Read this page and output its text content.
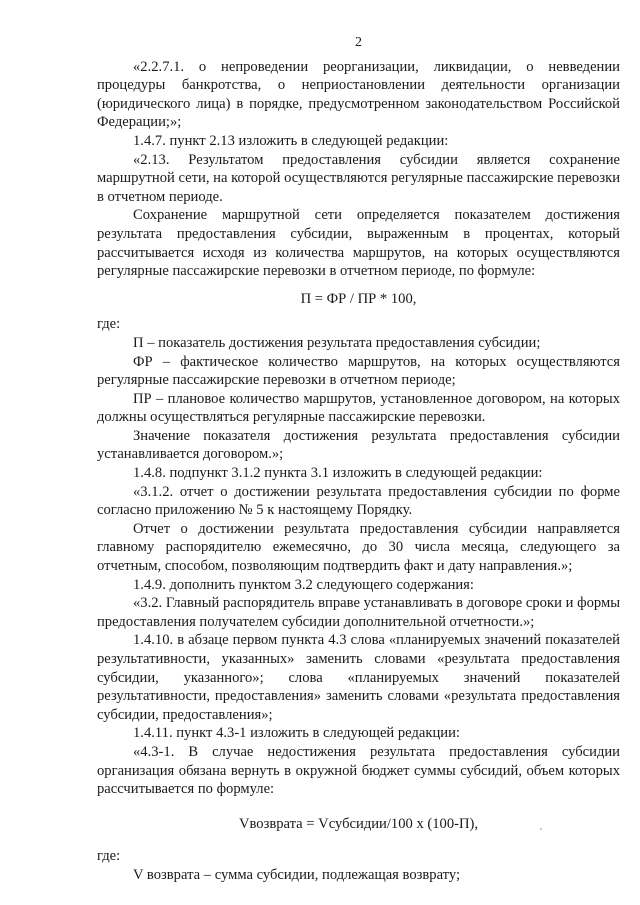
2

«2.2.7.1. о непроведении реорганизации, ликвидации, о невведении процедуры банкротства, о неприостановлении деятельности организации (юридического лица) в порядке, предусмотренном законодательством Российской Федерации;»;

1.4.7. пункт 2.13 изложить в следующей редакции:

«2.13. Результатом предоставления субсидии является сохранение маршрутной сети, на которой осуществляются регулярные пассажирские перевозки в отчетном периоде.

Сохранение маршрутной сети определяется показателем достижения результата предоставления субсидии, выраженным в процентах, который рассчитывается исходя из количества маршрутов, на которых осуществляются регулярные пассажирские перевозки в отчетном периоде, по формуле:

П = ФР / ПР * 100,

где:

П – показатель достижения результата предоставления субсидии;

ФР – фактическое количество маршрутов, на которых осуществляются регулярные пассажирские перевозки в отчетном периоде;

ПР – плановое количество маршрутов, установленное договором, на которых должны осуществляться регулярные пассажирские перевозки.

Значение показателя достижения результата предоставления субсидии устанавливается договором.»;

1.4.8. подпункт 3.1.2 пункта 3.1 изложить в следующей редакции:

«3.1.2. отчет о достижении результата предоставления субсидии по форме согласно приложению № 5 к настоящему Порядку.

Отчет о достижении результата предоставления субсидии направляется главному распорядителю ежемесячно, до 30 числа месяца, следующего за отчетным, способом, позволяющим подтвердить факт и дату направления.»;

1.4.9. дополнить пунктом 3.2 следующего содержания:

«3.2. Главный распорядитель вправе устанавливать в договоре сроки и формы предоставления получателем субсидии дополнительной отчетности.»;

1.4.10. в абзаце первом пункта 4.3 слова «планируемых значений показателей результативности, указанных» заменить словами «результата предоставления субсидии, указанного»; слова «планируемых значений показателей результативности, предоставления» заменить словами «результата предоставления субсидии, предоставления»;

1.4.11. пункт 4.3-1 изложить в следующей редакции:

«4.3-1. В случае недостижения результата предоставления субсидии организация обязана вернуть в окружной бюджет суммы субсидий, объем которых рассчитывается по формуле:

Vвозврата = Vсубсидии/100 x (100-П),

где:

V возврата – сумма субсидии, подлежащая возврату;
